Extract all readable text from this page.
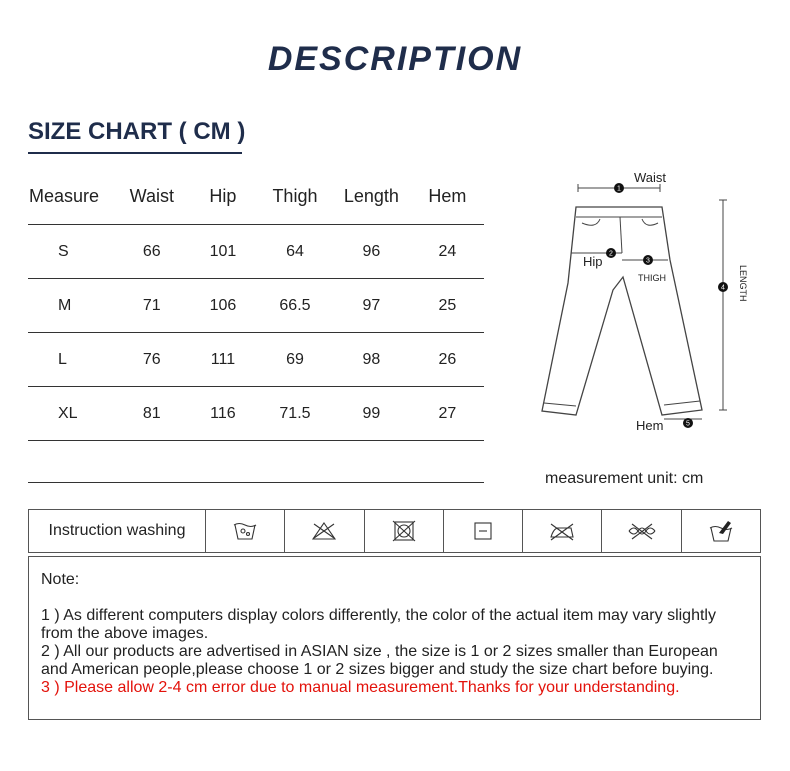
DESCRIPTION
SIZE CHART ( CM )
Measure	Waist	Hip	Thigh	Length	Hem
S	66	101	64	96	24
M	71	106	66.5	97	25
L	76	111	69	98	26
XL	81	116	71.5	99	27
1
2
3
4
5
Waist
Hip
THIGH
Hem
LENGTH
measurement unit: cm
Instruction washing

Note:

1 ) As different computers display colors differently, the color of the actual item may vary slightly from the above images.

2 ) All our products are advertised in ASIAN size , the size is 1 or 2 sizes smaller than European and American people,please choose 1 or 2 sizes bigger and study the size chart before buying.

3 ) Please allow 2-4 cm error due to manual measurement.Thanks for your understanding.
